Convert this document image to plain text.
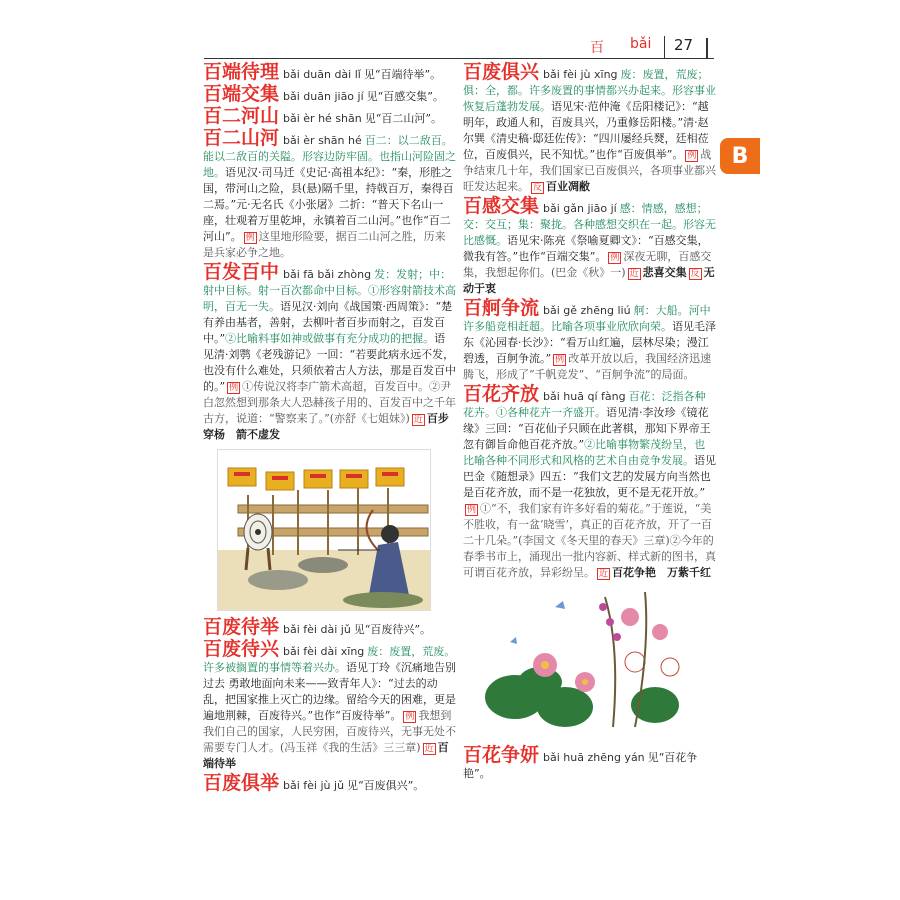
百 bǎi 27
B
百端待理 bǎi duān dài lǐ 见“百端待举”。
百端交集 bǎi duān jiāo jí 见“百感交集”。
百二河山 bǎi èr hé shān 见“百二山河”。
百二山河 bǎi èr shān hé 百二：以二敌百。能以二敌百的关隘。形容边防牢固。也指山河险固之地。语见汉·司马迁《史记·高祖本纪》：“秦，形胜之国，带河山之险，县(悬)隔千里，持戟百万，秦得百二焉。”元·无名氏《小张屠》二折：“普天下名山一座，壮观着万里乾坤，永镇着百二山河。”也作“百二河山”。 例 这里地形险要，据百二山河之胜，历来是兵家必争之地。
百发百中 bǎi fā bǎi zhòng 发：发射；中：射中目标。射一百次都命中目标。①形容射箭技术高明，百无一失。语见汉·刘向《战国策·西周策》：“楚有养由基者，善射，去柳叶者百步而射之，百发百中。”②比喻料事如神或做事有充分成功的把握。语见清·刘鹗《老残游记》一回：“若要此病永远不发，也没有什么难处，只须依着古人方法，那是百发百中的。” 例 ①传说汉将李广箭术高超，百发百中。②尹白忽然想到那条大人恐赫孩子用的、百发百中之千年古方，说道：“警察来了。”(亦舒《七姐妹》) 近 百步穿杨　箭不虚发
百废待举 bǎi fèi dài jǔ 见“百废待兴”。
百废待兴 bǎi fèi dài xīng 废：废置，荒废。许多被搁置的事情等着兴办。语见丁玲《沉痛地告别过去 勇敢地面向未来——致青年人》：“过去的动乱，把国家推上灭亡的边缘。留给今天的困难，更是遍地荆棘，百废待兴。”也作“百废待举”。 例 我想到我们自己的国家，人民穷困，百废待兴，无事无处不需要专门人才。(冯玉祥《我的生活》三三章) 近 百端待举
百废俱举 bǎi fèi jù jǔ 见“百废俱兴”。
百废俱兴 bǎi fèi jù xīng 废：废置，荒废；俱：全，都。许多废置的事情都兴办起来。形容事业恢复后蓬勃发展。语见宋·范仲淹《岳阳楼记》：“越明年，政通人和，百废具兴，乃重修岳阳楼。”清·赵尔巽《清史稿·邸廷佐传》：“四川屡经兵燹，廷相莅位，百废俱兴，民不知忧。”也作“百废俱举”。 例 战争结束几十年，我们国家已百废俱兴，各项事业都兴旺发达起来。 反 百业凋敝
百感交集 bǎi gǎn jiāo jí 感：情感，感想；交：交互；集：聚拢。各种感想交织在一起。形容无比感慨。语见宋·陈亮《祭喻夏卿文》：“百感交集，微我有答。”也作“百端交集”。 例 深夜无聊，百感交集，我想起你们。(巴金《秋》一) 近 悲喜交集 反 无动于衷
百舸争流 bǎi gě zhēng liú 舸：大船。河中许多船竞相赶超。比喻各项事业欣欣向荣。语见毛泽东《沁园春·长沙》：“看万山红遍，层林尽染；漫江碧透，百舸争流。” 例 改革开放以后，我国经济迅速腾飞，形成了“千帆竞发”、“百舸争流”的局面。
百花齐放 bǎi huā qí fàng 百花：泛指各种花卉。①各种花卉一齐盛开。语见清·李汝珍《镜花缘》三回：“百花仙子只顾在此著棋，那知下界帝王忽有御旨命他百花齐放。”②比喻事物繁茂纷呈，也比喻各种不同形式和风格的艺术自由竞争发展。语见巴金《随想录》四五：“我们文艺的发展方向当然也是百花齐放，而不是一花独放，更不是无花开放。”例 ①“不，我们家有许多好看的菊花。”于莲说，“美不胜收，有一盆‘晓雪’，真正的百花齐放，开了一百二十几朵。”(李国文《冬天里的春天》三章)②今年的春季书市上，涌现出一批内容新、样式新的图书，真可谓百花齐放，异彩纷呈。 近 百花争艳　万紫千红
百花争妍 bǎi huā zhēng yán 见“百花争艳”。
